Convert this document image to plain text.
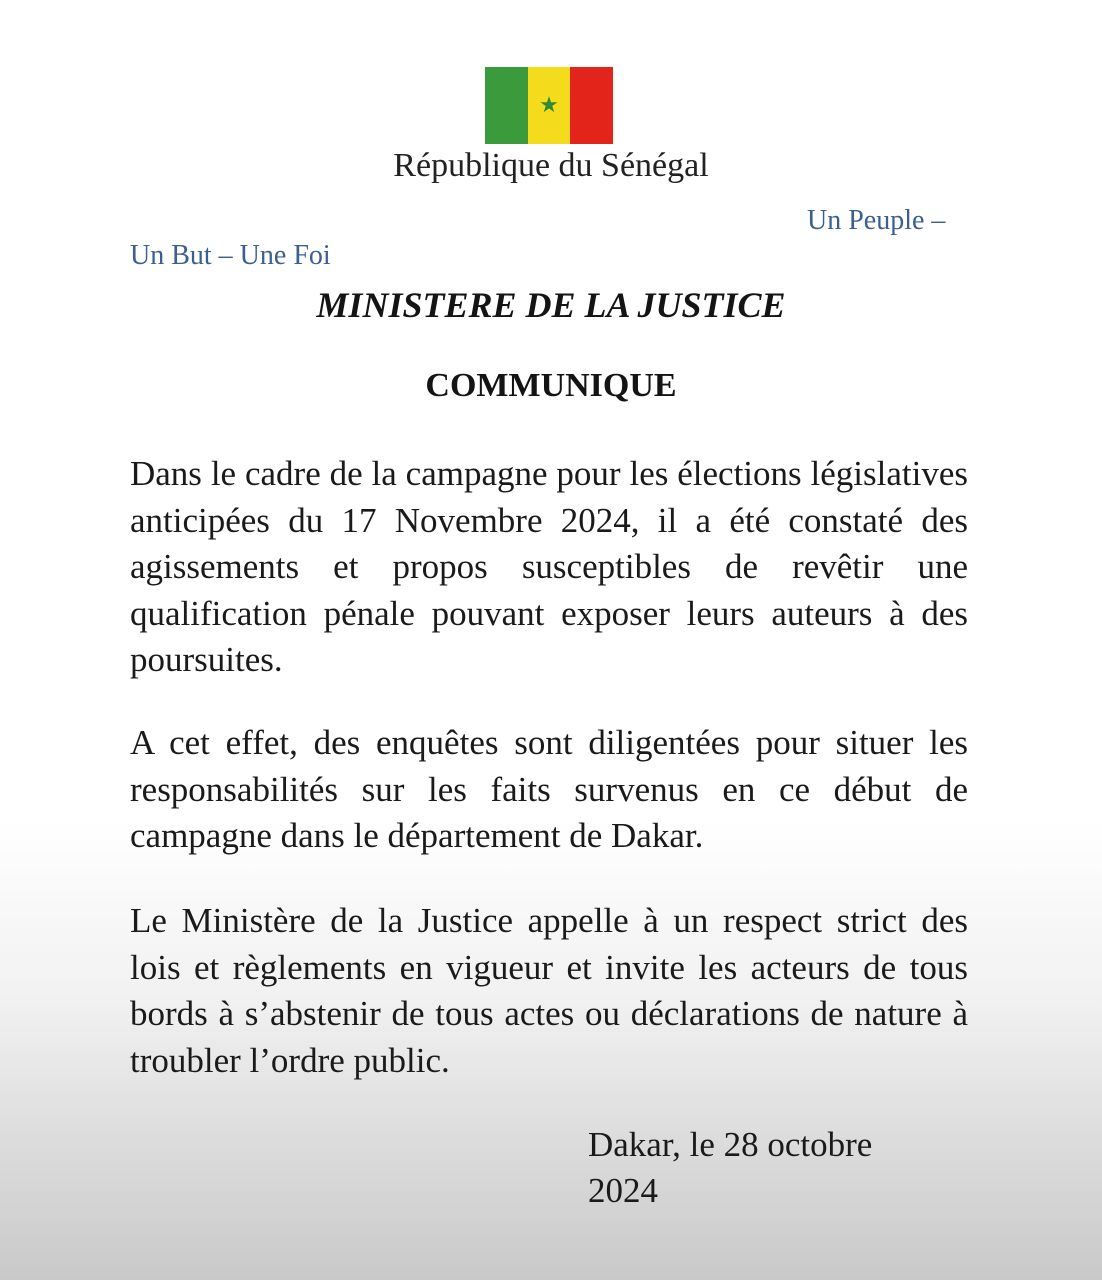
★
République du Sénégal
Un Peuple –
Un But – Une Foi
MINISTERE DE LA JUSTICE
COMMUNIQUE

Dans le cadre de la campagne pour les élections législatives anticipées du 17 Novembre 2024, il a été constaté des agissements et propos susceptibles de revêtir une qualification pénale pouvant exposer leurs auteurs à des poursuites.

A cet effet, des enquêtes sont diligentées pour situer les responsabilités sur les faits survenus en ce début de campagne dans le département de Dakar.

Le Ministère de la Justice appelle à un respect strict des lois et règlements en vigueur et invite les acteurs de tous bords à s’abstenir de tous actes ou déclarations de nature à troubler l’ordre public.

Dakar, le 28 octobre
2024
